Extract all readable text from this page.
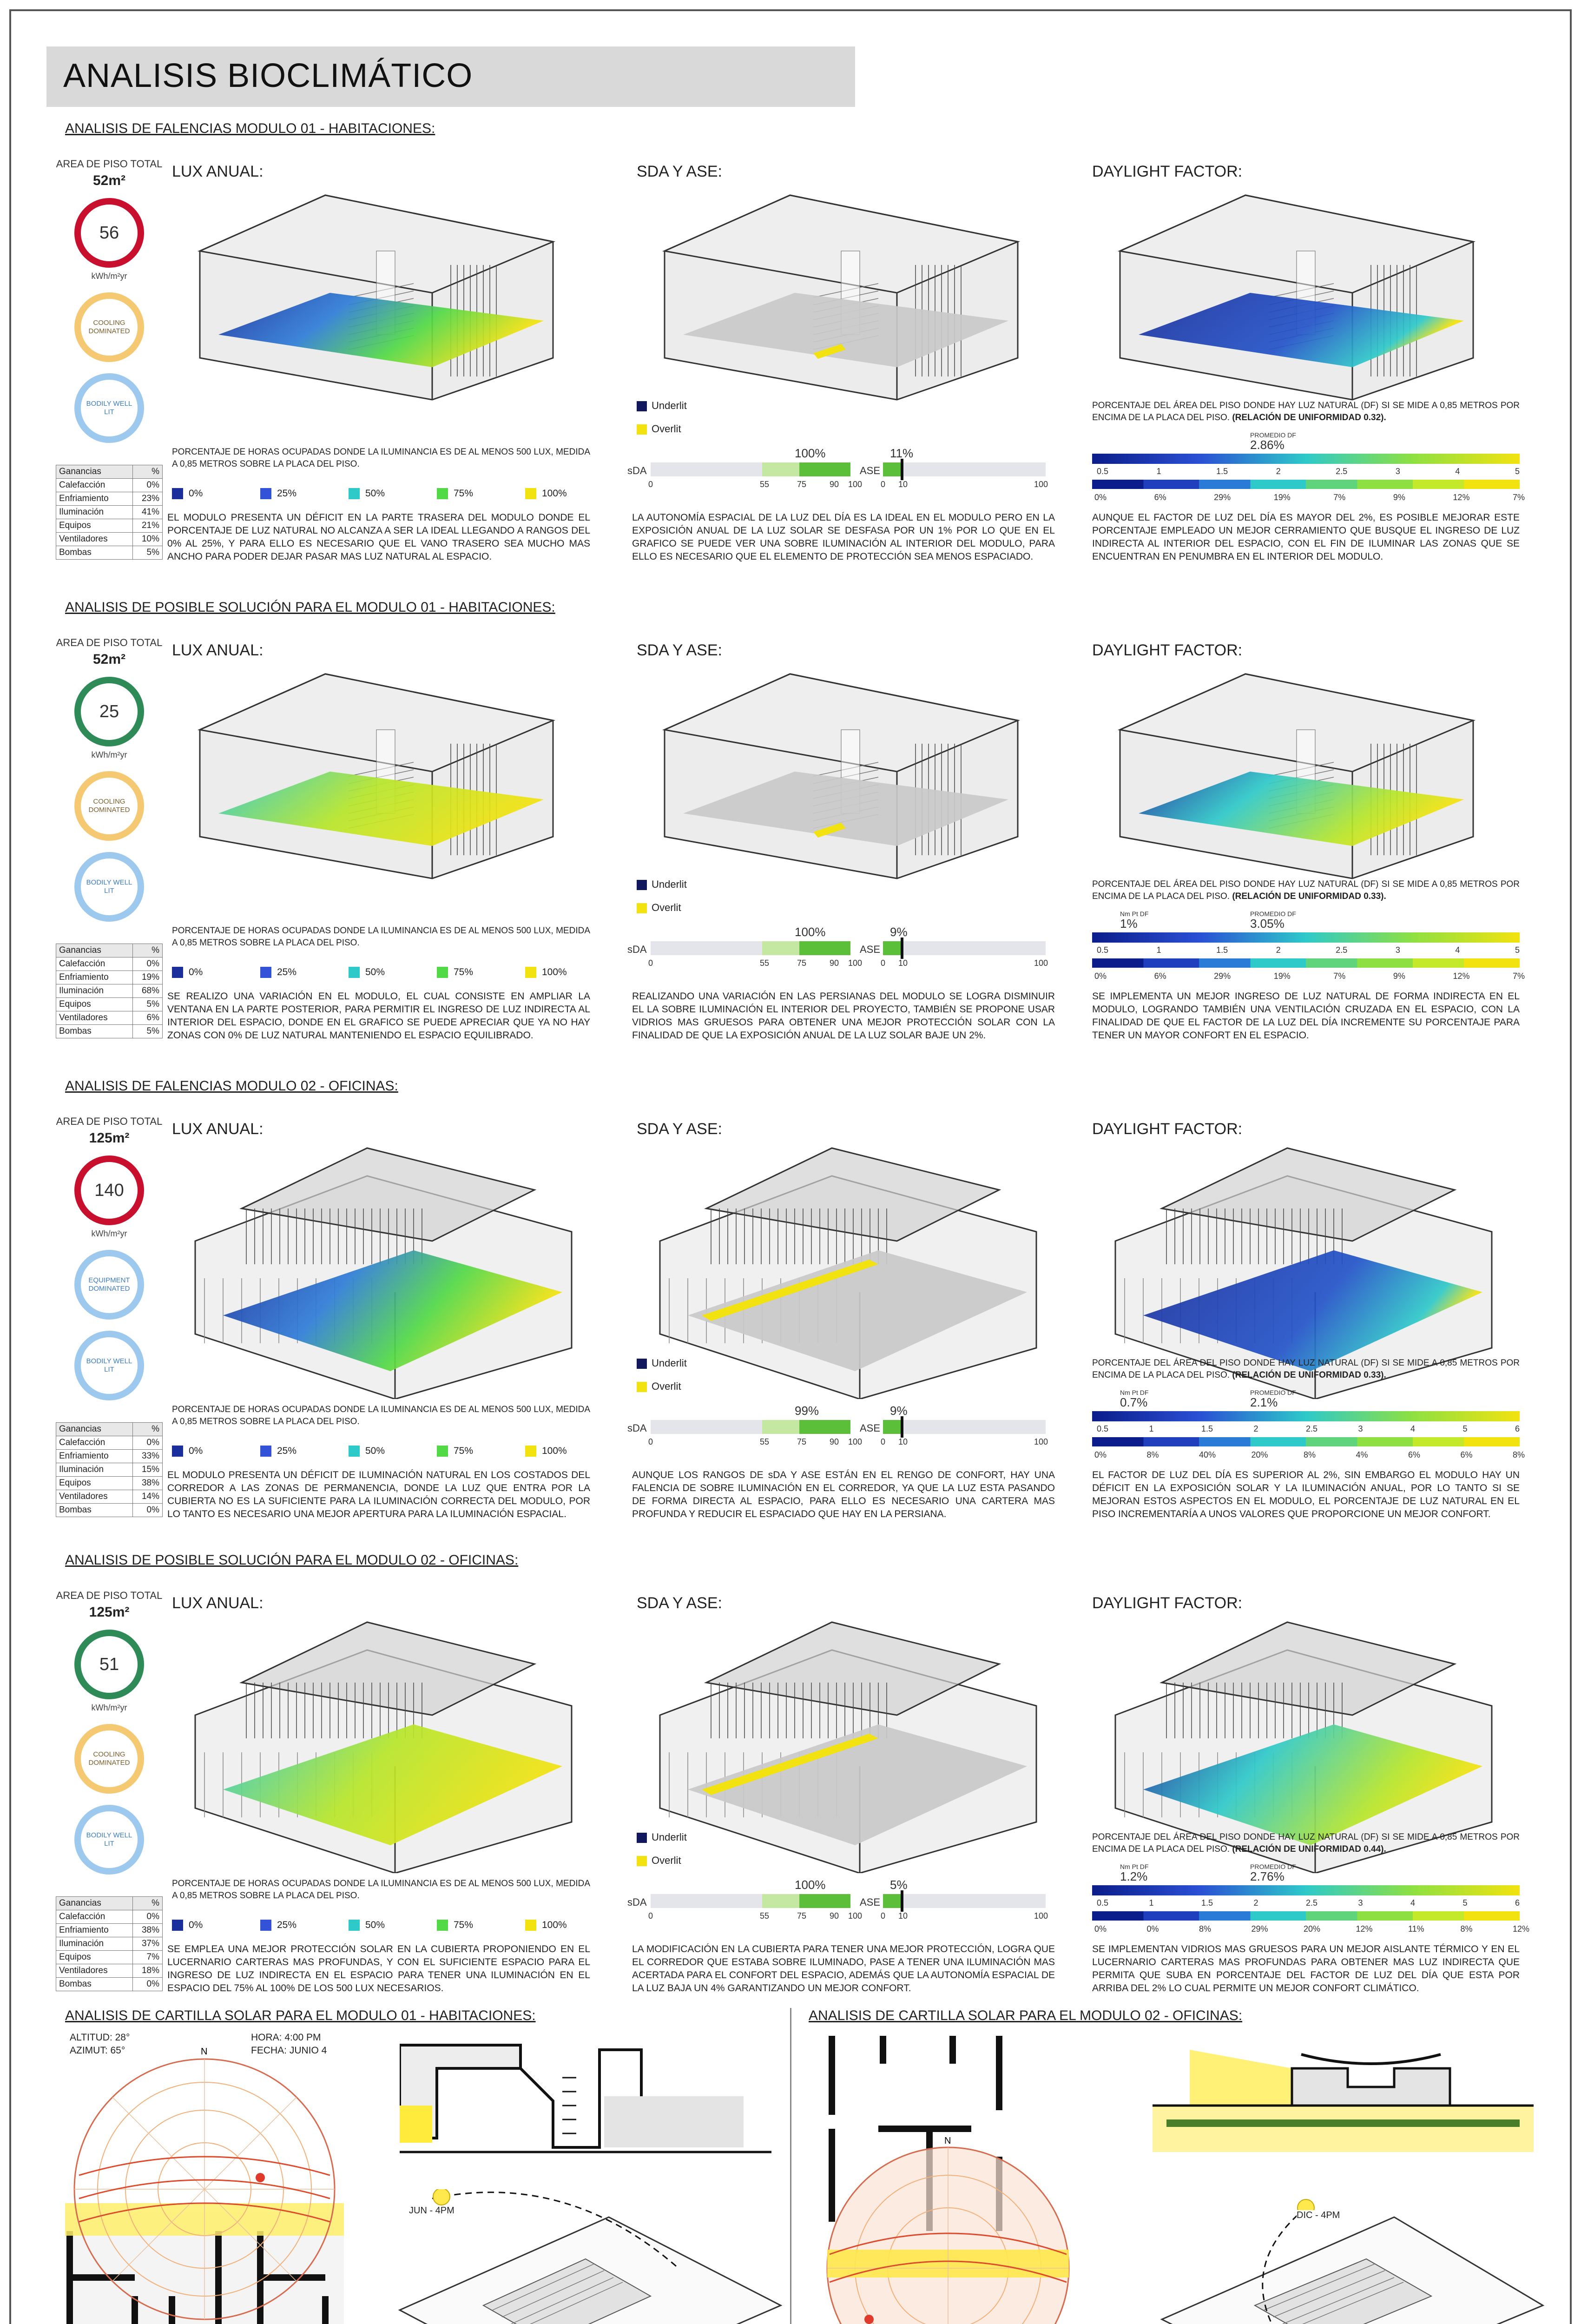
ANALISIS BIOCLIMÁTICO
ANALISIS DE FALENCIAS MODULO 01 - HABITACIONES:
AREA DE PISO TOTAL
52m²
56
kWh/m²yr
COOLING DOMINATED
BODILY WELL LIT
Ganancias	%
Calefacción	0%
Enfriamiento	23%
Iluminación	41%
Equipos	21%
Ventiladores	10%
Bombas	5%
LUX ANUAL:	SDA Y ASE:	DAYLIGHT FACTOR:
PORCENTAJE DE HORAS OCUPADAS DONDE LA ILUMINANCIA ES DE AL MENOS 500 LUX, MEDIDA A 0,85 METROS SOBRE LA PLACA DEL PISO.
0%	25%	50%	75%	100%
EL MODULO PRESENTA UN DÉFICIT EN LA PARTE TRASERA DEL MODULO DONDE EL PORCENTAJE DE LUZ NATURAL NO ALCANZA A SER LA IDEAL LLEGANDO A RANGOS DEL 0% AL 25%, Y PARA ELLO ES NECESARIO QUE EL VANO TRASERO SEA MUCHO MAS ANCHO PARA PODER DEJAR PASAR MAS LUZ NATURAL AL ESPACIO.
Underlit
Overlit
sDA
100%
0	55	75	90 100
ASE
11%
0 10	100
LA AUTONOMÍA ESPACIAL DE LA LUZ DEL DÍA ES LA IDEAL EN EL MODULO PERO EN LA EXPOSICIÓN ANUAL DE LA LUZ SOLAR SE DESFASA POR UN 1% POR LO QUE EN EL GRAFICO SE PUEDE VER UNA SOBRE ILUMINACIÓN AL INTERIOR DEL MODULO, PARA ELLO ES NECESARIO QUE EL ELEMENTO DE PROTECCIÓN SEA MENOS ESPACIADO.
PORCENTAJE DEL ÁREA DEL PISO DONDE HAY LUZ NATURAL (DF) SI SE MIDE A 0,85 METROS POR ENCIMA DE LA PLACA DEL PISO. (RELACIÓN DE UNIFORMIDAD 0.32).
PROMEDIO DF
2.86%
0.5	1	1.5	2	2.5	3	4	5
0%	6%	29%	19%	7%	9%	12%	7%
AUNQUE EL FACTOR DE LUZ DEL DÍA ES MAYOR DEL 2%, ES POSIBLE MEJORAR ESTE PORCENTAJE EMPLEADO UN MEJOR CERRAMIENTO QUE BUSQUE EL INGRESO DE LUZ INDIRECTA AL INTERIOR DEL ESPACIO, CON EL FIN DE ILUMINAR LAS ZONAS QUE SE ENCUENTRAN EN PENUMBRA EN EL INTERIOR DEL MODULO.
ANALISIS DE POSIBLE SOLUCIÓN PARA EL MODULO 01 - HABITACIONES:
AREA DE PISO TOTAL
52m²
25
kWh/m²yr
COOLING DOMINATED
BODILY WELL LIT
Ganancias	%
Calefacción	0%
Enfriamiento	19%
Iluminación	68%
Equipos	5%
Ventiladores	6%
Bombas	5%
LUX ANUAL:	SDA Y ASE:	DAYLIGHT FACTOR:
PORCENTAJE DE HORAS OCUPADAS DONDE LA ILUMINANCIA ES DE AL MENOS 500 LUX, MEDIDA A 0,85 METROS SOBRE LA PLACA DEL PISO.
0%	25%	50%	75%	100%
SE REALIZO UNA VARIACIÓN EN EL MODULO, EL CUAL CONSISTE EN AMPLIAR LA VENTANA EN LA PARTE POSTERIOR, PARA PERMITIR EL INGRESO DE LUZ INDIRECTA AL INTERIOR DEL ESPACIO, DONDE EN EL GRAFICO SE PUEDE APRECIAR QUE YA NO HAY ZONAS CON 0% DE LUZ NATURAL MANTENIENDO EL ESPACIO EQUILIBRADO.
Underlit
Overlit
sDA
100%
0	55	75	90 100
ASE
9%
0 10	100
REALIZANDO UNA VARIACIÓN EN LAS PERSIANAS DEL MODULO SE LOGRA DISMINUIR EL LA SOBRE ILUMINACIÓN EL INTERIOR DEL PROYECTO, TAMBIÉN SE PROPONE USAR VIDRIOS MAS GRUESOS PARA OBTENER UNA MEJOR PROTECCIÓN SOLAR CON LA FINALIDAD DE QUE LA EXPOSICIÓN ANUAL DE LA LUZ SOLAR BAJE UN 2%.
PORCENTAJE DEL ÁREA DEL PISO DONDE HAY LUZ NATURAL (DF) SI SE MIDE A 0,85 METROS POR ENCIMA DE LA PLACA DEL PISO. (RELACIÓN DE UNIFORMIDAD 0.33).
PROMEDIO DF
3.05%
Nm Pt DF
1%
0.5	1	1.5	2	2.5	3	4	5
0%	6%	29%	19%	7%	9%	12%	7%
SE IMPLEMENTA UN MEJOR INGRESO DE LUZ NATURAL DE FORMA INDIRECTA EN EL MODULO, LOGRANDO TAMBIÉN UNA VENTILACIÓN CRUZADA EN EL ESPACIO, CON LA FINALIDAD DE QUE EL FACTOR DE LA LUZ DEL DÍA INCREMENTE SU PORCENTAJE PARA TENER UN MAYOR CONFORT EN EL ESPACIO.
ANALISIS DE FALENCIAS MODULO 02 - OFICINAS:
AREA DE PISO TOTAL
125m²
140
kWh/m²yr
EQUIPMENT DOMINATED
BODILY WELL LIT
Ganancias	%
Calefacción	0%
Enfriamiento	33%
Iluminación	15%
Equipos	38%
Ventiladores	14%
Bombas	0%
LUX ANUAL:	SDA Y ASE:	DAYLIGHT FACTOR:
PORCENTAJE DE HORAS OCUPADAS DONDE LA ILUMINANCIA ES DE AL MENOS 500 LUX, MEDIDA A 0,85 METROS SOBRE LA PLACA DEL PISO.
0%	25%	50%	75%	100%
EL MODULO PRESENTA UN DÉFICIT DE ILUMINACIÓN NATURAL EN LOS COSTADOS DEL CORREDOR A LAS ZONAS DE PERMANENCIA, DONDE LA LUZ QUE ENTRA POR LA CUBIERTA NO ES LA SUFICIENTE PARA LA ILUMINACIÓN CORRECTA DEL MODULO, POR LO TANTO ES NECESARIO UNA MEJOR APERTURA PARA LA ILUMINACIÓN ESPACIAL.
Underlit
Overlit
sDA
99%
0	55	75	90 100
ASE
9%
0 10	100
AUNQUE LOS RANGOS DE sDA Y ASE ESTÁN EN EL RENGO DE CONFORT, HAY UNA FALENCIA DE SOBRE ILUMINACIÓN EN EL CORREDOR, YA QUE LA LUZ ESTA PASANDO DE FORMA DIRECTA AL ESPACIO, PARA ELLO ES NECESARIO UNA CARTERA MAS PROFUNDA Y REDUCIR EL ESPACIADO QUE HAY EN LA PERSIANA.
PORCENTAJE DEL ÁREA DEL PISO DONDE HAY LUZ NATURAL (DF) SI SE MIDE A 0,85 METROS POR ENCIMA DE LA PLACA DEL PISO. (RELACIÓN DE UNIFORMIDAD 0.33).
PROMEDIO DF
2.1%
Nm Pt DF
0.7%
0.5	1	1.5	2	2.5	3	4	5	6
0%	8%	40%	20%	8%	4%	6%	6%	8%
EL FACTOR DE LUZ DEL DÍA ES SUPERIOR AL 2%, SIN EMBARGO EL MODULO HAY UN DÉFICIT EN LA EXPOSICIÓN SOLAR Y LA ILUMINACIÓN ANUAL, POR LO TANTO SI SE MEJORAN ESTOS ASPECTOS EN EL MODULO, EL PORCENTAJE DE LUZ NATURAL EN EL PISO INCREMENTARÍA A UNOS VALORES QUE PROPORCIONE UN MEJOR CONFORT.
ANALISIS DE POSIBLE SOLUCIÓN PARA EL MODULO 02 - OFICINAS:
AREA DE PISO TOTAL
125m²
51
kWh/m²yr
COOLING DOMINATED
BODILY WELL LIT
Ganancias	%
Calefacción	0%
Enfriamiento	38%
Iluminación	37%
Equipos	7%
Ventiladores	18%
Bombas	0%
LUX ANUAL:	SDA Y ASE:	DAYLIGHT FACTOR:
PORCENTAJE DE HORAS OCUPADAS DONDE LA ILUMINANCIA ES DE AL MENOS 500 LUX, MEDIDA A 0,85 METROS SOBRE LA PLACA DEL PISO.
0%	25%	50%	75%	100%
SE EMPLEA UNA MEJOR PROTECCIÓN SOLAR EN LA CUBIERTA PROPONIENDO EN EL LUCERNARIO CARTERAS MAS PROFUNDAS, Y CON EL SUFICIENTE ESPACIO PARA EL INGRESO DE LUZ INDIRECTA EN EL ESPACIO PARA TENER UNA ILUMINACIÓN EN EL ESPACIO DEL 75% AL 100% DE LOS 500 LUX NECESARIOS.
Underlit
Overlit
sDA
100%
0	55	75	90 100
ASE
5%
0 10	100
LA MODIFICACIÓN EN LA CUBIERTA PARA TENER UNA MEJOR PROTECCIÓN, LOGRA QUE EL CORREDOR QUE ESTABA SOBRE ILUMINADO, PASE A TENER UNA ILUMINACIÓN MAS ACERTADA PARA EL CONFORT DEL ESPACIO, ADEMÁS QUE LA AUTONOMÍA ESPACIAL DE LA LUZ BAJA UN 4% GARANTIZANDO UN MEJOR CONFORT.
PORCENTAJE DEL ÁREA DEL PISO DONDE HAY LUZ NATURAL (DF) SI SE MIDE A 0,85 METROS POR ENCIMA DE LA PLACA DEL PISO. (RELACIÓN DE UNIFORMIDAD 0.44).
PROMEDIO DF
2.76%
Nm Pt DF
1.2%
0.5	1	1.5	2	2.5	3	4	5	6
0%	0%	8%	29%	20%	12%	11%	8%	12%
SE IMPLEMENTAN VIDRIOS MAS GRUESOS PARA UN MEJOR AISLANTE TÉRMICO Y EN EL LUCERNARIO CARTERAS MAS PROFUNDAS PARA OBTENER MAS LUZ INDIRECTA QUE PERMITA QUE SUBA EN PORCENTAJE DEL FACTOR DE LUZ DEL DÍA QUE ESTA POR ARRIBA DEL 2% LO CUAL PERMITE UN MEJOR CONFORT CLIMÁTICO.
ANALISIS DE CARTILLA SOLAR PARA EL MODULO 01 - HABITACIONES:	ANALISIS DE CARTILLA SOLAR PARA EL MODULO 02 - OFICINAS:
N
ALTITUD: 28°
AZIMUT: 65°
HORA: 4:00 PM
FECHA: JUNIO 4
JUN - 4PM
N
DIC - 4PM
